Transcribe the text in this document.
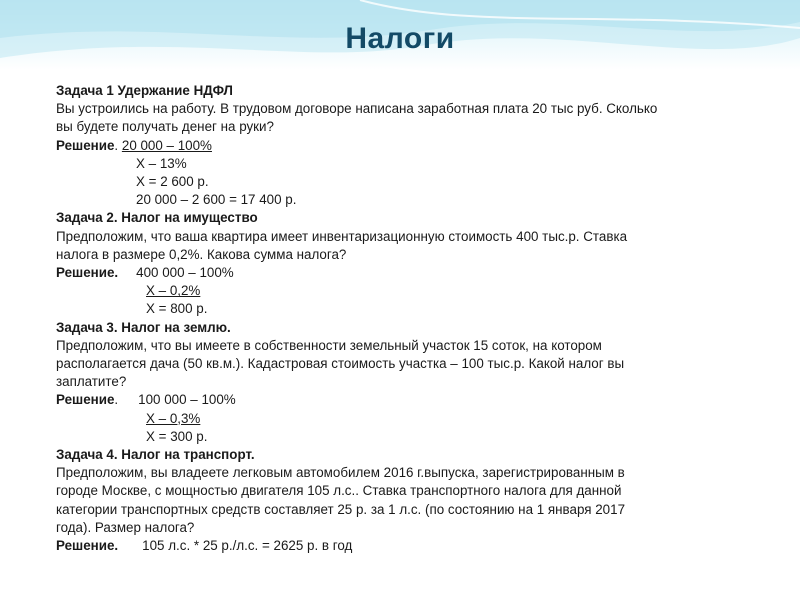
Налоги
Задача 1 Удержание НДФЛ
Вы устроились на работу. В трудовом договоре написана заработная плата 20 тыс руб. Сколько
вы будете получать денег на руки?
Решение. 20 000 – 100%
Х – 13%
Х = 2 600 р.
20 000 – 2 600 = 17 400 р.
Задача 2. Налог на имущество
Предположим, что ваша квартира имеет инвентаризационную стоимость 400 тыс.р. Ставка
налога в размере 0,2%. Какова сумма налога?
Решение. 400 000 – 100%
Х – 0,2%
Х = 800 р.
Задача 3. Налог на землю.
Предположим, что вы имеете в собственности земельный участок 15 соток, на котором
располагается дача (50 кв.м.). Кадастровая стоимость участка – 100 тыс.р. Какой налог вы
заплатите?
Решение. 100 000 – 100%
Х – 0,3%
Х = 300 р.
Задача 4. Налог на транспорт.
Предположим, вы владеете легковым автомобилем 2016 г.выпуска, зарегистрированным в
городе Москве, с мощностью двигателя 105 л.с.. Ставка транспортного налога для данной
категории транспортных средств составляет 25 р. за 1 л.с. (по состоянию на 1 января 2017
года). Размер налога?
Решение. 105 л.с. * 25 р./л.с. = 2625 р. в год
